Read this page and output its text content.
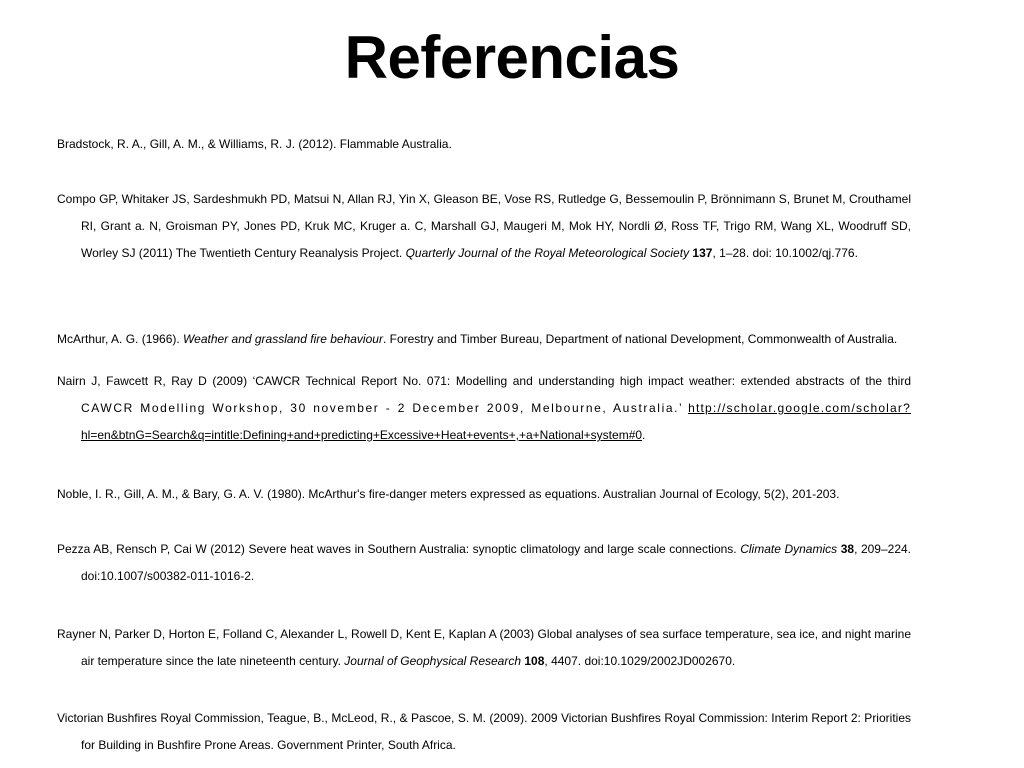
Referencias

Bradstock, R. A., Gill, A. M., & Williams, R. J. (2012). Flammable Australia.

Compo GP, Whitaker JS, Sardeshmukh PD, Matsui N, Allan RJ, Yin X, Gleason BE, Vose RS, Rutledge G, Bessemoulin P, Brönnimann S, Brunet M, Crouthamel RI, Grant a. N, Groisman PY, Jones PD, Kruk MC, Kruger a. C, Marshall GJ, Maugeri M, Mok HY, Nordli Ø, Ross TF, Trigo RM, Wang XL, Woodruff SD, Worley SJ (2011) The Twentieth Century Reanalysis Project. Quarterly Journal of the Royal Meteorological Society 137, 1–28. doi: 10.1002/qj.776.

McArthur, A. G. (1966). Weather and grassland fire behaviour. Forestry and Timber Bureau, Department of national Development, Commonwealth of Australia.

Nairn J, Fawcett R, Ray D (2009) ‘CAWCR Technical Report No. 071: Modelling and understanding high impact weather: extended abstracts of the third CAWCR Modelling Workshop, 30 november - 2 December 2009, Melbourne, Australia.’ http://scholar.google.com/scholar? hl=en&btnG=Search&q=intitle:Defining+and+predicting+Excessive+Heat+events+,+a+National+system#0.

Noble, I. R., Gill, A. M., & Bary, G. A. V. (1980). McArthur's fire-danger meters expressed as equations. Australian Journal of Ecology, 5(2), 201-203.

Pezza AB, Rensch P, Cai W (2012) Severe heat waves in Southern Australia: synoptic climatology and large scale connections. Climate Dynamics 38, 209–224. doi:10.1007/s00382-011-1016-2.

Rayner N, Parker D, Horton E, Folland C, Alexander L, Rowell D, Kent E, Kaplan A (2003) Global analyses of sea surface temperature, sea ice, and night marine air temperature since the late nineteenth century. Journal of Geophysical Research 108, 4407. doi:10.1029/2002JD002670.

Victorian Bushfires Royal Commission, Teague, B., McLeod, R., & Pascoe, S. M. (2009). 2009 Victorian Bushfires Royal Commission: Interim Report 2: Priorities for Building in Bushfire Prone Areas. Government Printer, South Africa.
